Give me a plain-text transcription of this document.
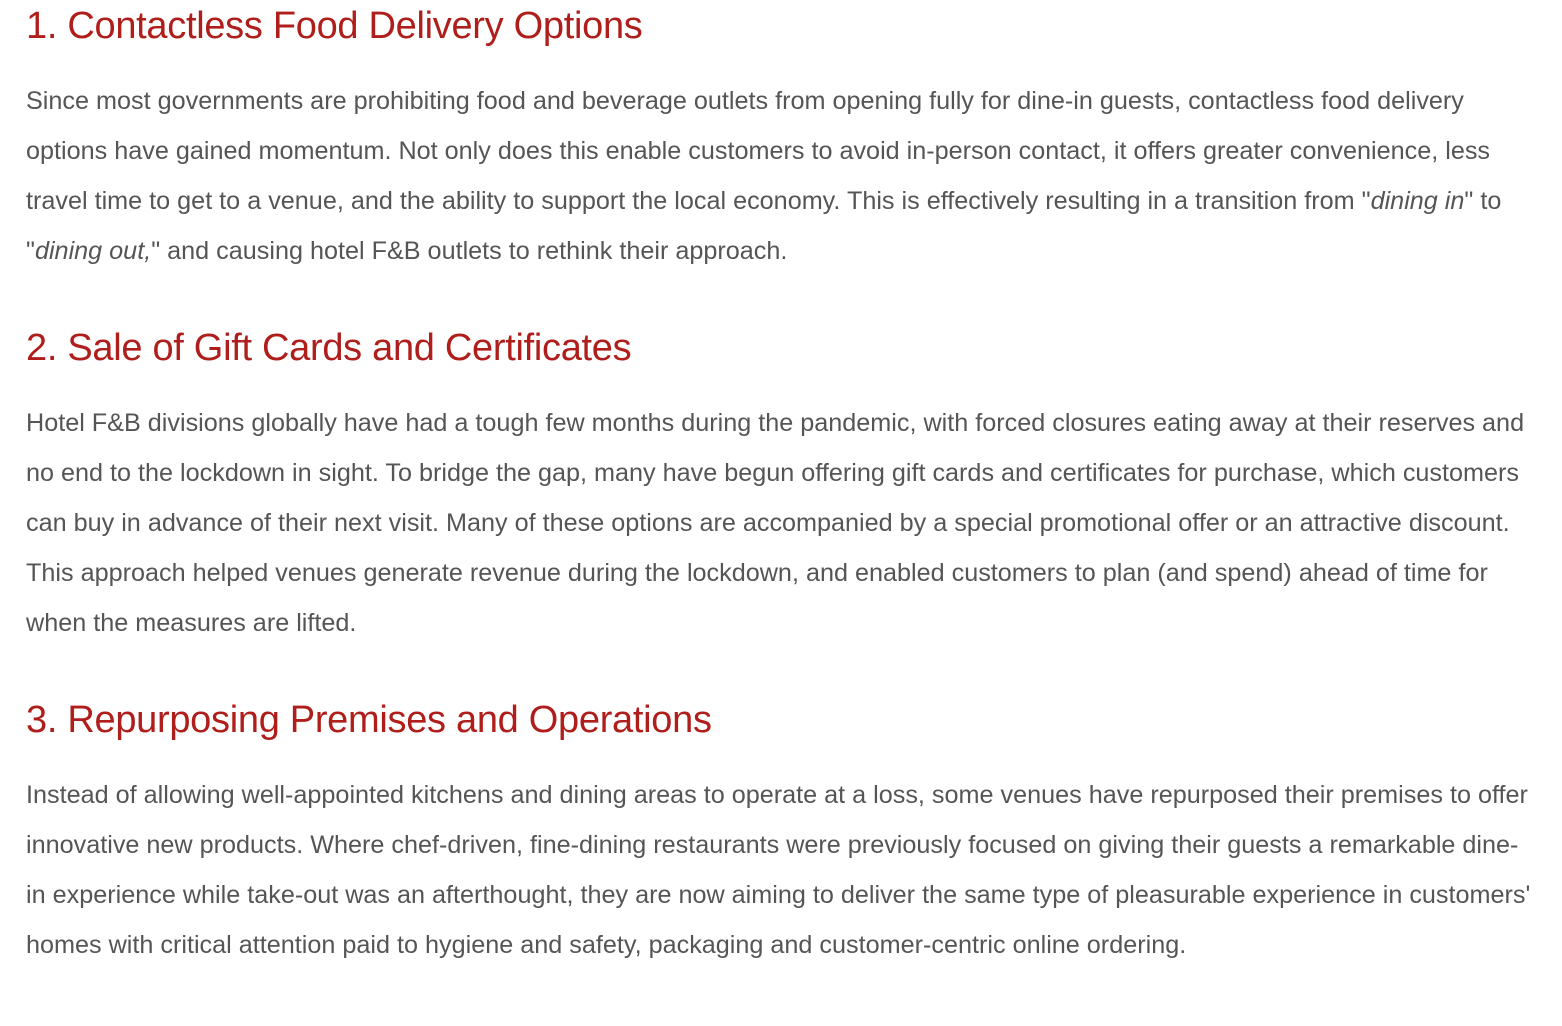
1. Contactless Food Delivery Options

Since most governments are prohibiting food and beverage outlets from opening fully for dine-in guests, contactless food delivery options have gained momentum. Not only does this enable customers to avoid in-person contact, it offers greater convenience, less travel time to get to a venue, and the ability to support the local economy. This is effectively resulting in a transition from "dining in" to "dining out," and causing hotel F&B outlets to rethink their approach.

2. Sale of Gift Cards and Certificates

Hotel F&B divisions globally have had a tough few months during the pandemic, with forced closures eating away at their reserves and no end to the lockdown in sight. To bridge the gap, many have begun offering gift cards and certificates for purchase, which customers can buy in advance of their next visit. Many of these options are accompanied by a special promotional offer or an attractive discount. This approach helped venues generate revenue during the lockdown, and enabled customers to plan (and spend) ahead of time for when the measures are lifted.

3. Repurposing Premises and Operations

Instead of allowing well-appointed kitchens and dining areas to operate at a loss, some venues have repurposed their premises to offer innovative new products. Where chef-driven, fine-dining restaurants were previously focused on giving their guests a remarkable dine-in experience while take-out was an afterthought, they are now aiming to deliver the same type of pleasurable experience in customers' homes with critical attention paid to hygiene and safety, packaging and customer-centric online ordering.
